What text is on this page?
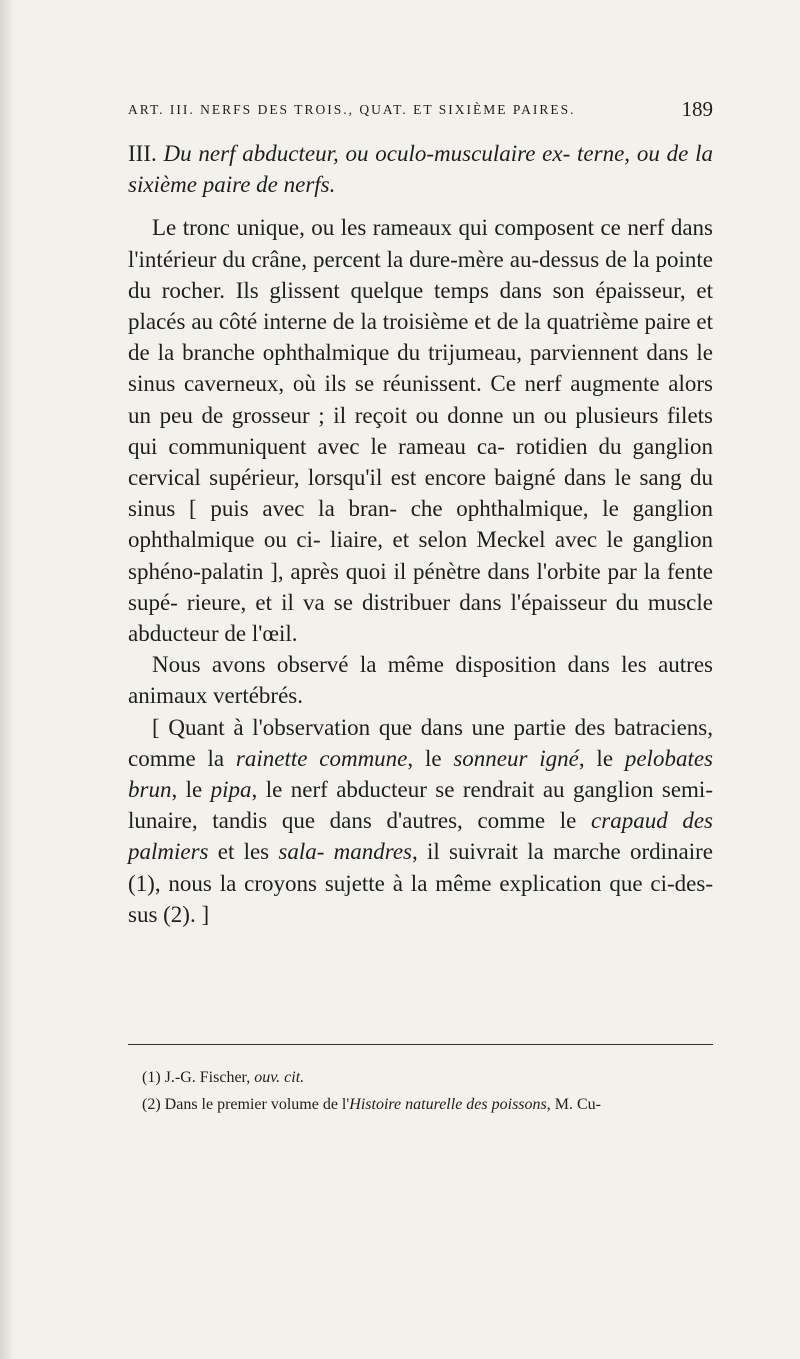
ART. III. NERFS DES TROIS., QUAT. ET SIXIÈME PAIRES.	189

III. Du nerf abducteur, ou oculo-musculaire ex- terne, ou de la sixième paire de nerfs.

Le tronc unique, ou les rameaux qui composent ce nerf dans l'intérieur du crâne, percent la dure-mère au-dessus de la pointe du rocher. Ils glissent quelque temps dans son épaisseur, et placés au côté interne de la troisième et de la quatrième paire et de la branche ophthalmique du trijumeau, parviennent dans le sinus caverneux, où ils se réunissent. Ce nerf augmente alors un peu de grosseur ; il reçoit ou donne un ou plusieurs filets qui communiquent avec le rameau ca- rotidien du ganglion cervical supérieur, lorsqu'il est encore baigné dans le sang du sinus [ puis avec la bran- che ophthalmique, le ganglion ophthalmique ou ci- liaire, et selon Meckel avec le ganglion sphéno-palatin ], après quoi il pénètre dans l'orbite par la fente supé- rieure, et il va se distribuer dans l'épaisseur du muscle abducteur de l'œil.

Nous avons observé la même disposition dans les autres animaux vertébrés.

[ Quant à l'observation que dans une partie des batraciens, comme la rainette commune, le sonneur igné, le pelobates brun, le pipa, le nerf abducteur se rendrait au ganglion semi-lunaire, tandis que dans d'autres, comme le crapaud des palmiers et les sala- mandres, il suivrait la marche ordinaire (1), nous la croyons sujette à la même explication que ci-des- sus (2). ]

(1) J.-G. Fischer, ouv. cit.

(2) Dans le premier volume de l'Histoire naturelle des poissons, M. Cu-
